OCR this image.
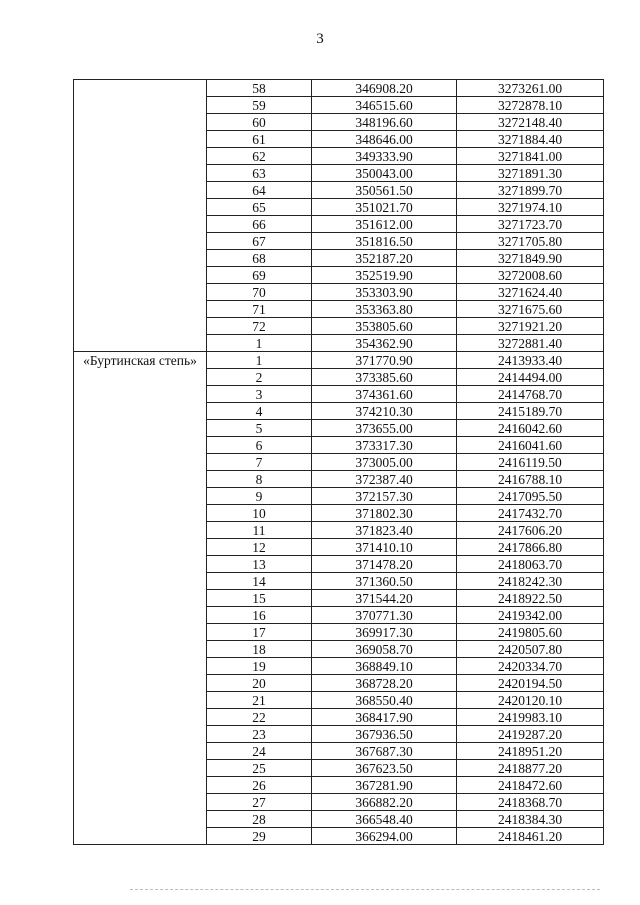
3
	58	346908.20	3273261.00
	59	346515.60	3272878.10
	60	348196.60	3272148.40
	61	348646.00	3271884.40
	62	349333.90	3271841.00
	63	350043.00	3271891.30
	64	350561.50	3271899.70
	65	351021.70	3271974.10
	66	351612.00	3271723.70
	67	351816.50	3271705.80
	68	352187.20	3271849.90
	69	352519.90	3272008.60
	70	353303.90	3271624.40
	71	353363.80	3271675.60
	72	353805.60	3271921.20
	1	354362.90	3272881.40

«Буртинская степь»	1	371770.90	2413933.40
	2	373385.60	2414494.00
	3	374361.60	2414768.70
	4	374210.30	2415189.70
	5	373655.00	2416042.60
	6	373317.30	2416041.60
	7	373005.00	2416119.50
	8	372387.40	2416788.10
	9	372157.30	2417095.50
	10	371802.30	2417432.70
	11	371823.40	2417606.20
	12	371410.10	2417866.80
	13	371478.20	2418063.70
	14	371360.50	2418242.30
	15	371544.20	2418922.50
	16	370771.30	2419342.00
	17	369917.30	2419805.60
	18	369058.70	2420507.80
	19	368849.10	2420334.70
	20	368728.20	2420194.50
	21	368550.40	2420120.10
	22	368417.90	2419983.10
	23	367936.50	2419287.20
	24	367687.30	2418951.20
	25	367623.50	2418877.20
	26	367281.90	2418472.60
	27	366882.20	2418368.70
	28	366548.40	2418384.30
	29	366294.00	2418461.20
